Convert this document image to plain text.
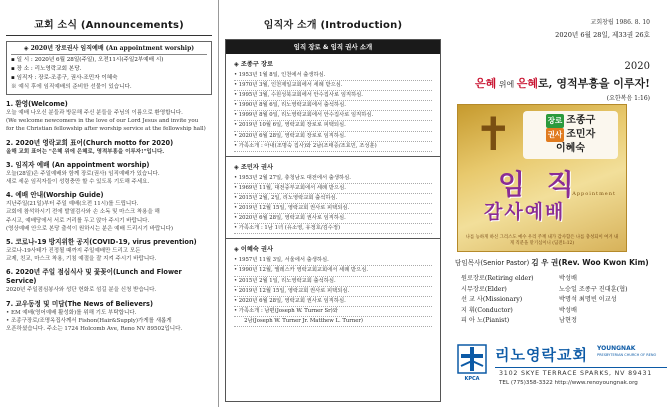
교회 소식 (Announcements)
◈ 2020년 장로권사 임직예배 (An appointment worship)
▪ 일 시 : 2020년 6월 28일(주일), 오전11시(주일2부예배 시)
▪ 장 소 : 리노영락교회 본당.
▪ 임직자 : 장로-조종구, 권사-조민자 이혜숙
※ 예식 후에 임직예배의 준비한 선물이 있습니다.
1. 환영(Welcome)
오늘 예배 나오신 분들과 방문해 주신 분들을 주님의 이름으로 환영합니다.
(We welcome newcomers in the love of our Lord Jesus and invite you
for the Christian fellowship after worship service at the fellowship hall)
2. 2020년 영락교회 표어(Church motto for 2020)
올해 교회 표어는 "은혜 위에 은혜로, 영적부흥을 이루자!"입니다.
3. 임직자 예배 (An appointment worship)
오늘(28일)은 주일예배와 함께 장로(권사) 임직예배가 있습니다.
새로 세운 임직자들이 성령충만 할 수 있도록 기도해 주세요.
4. 예배 안내(Worship Guide)
지난주일(21일)부터 주일 예배(오전 11시)를 드립니다.
교회에 참석하시기 전에 발열검사와 손 소독 및 마스크 착용을 해
주시고, 예배당에서 서로 거리를 두고 앉아 주시기 바랍니다.
(영상예배 안으로 본당 출석이 원하시는 분은 예배 드리시기 바랍니다)
5. 코로나-19 방지위한 공지(COVID-19, virus prevention)
코로나-19사태가 진정될 때까지 주일예배만 드리고 모든
교제, 친교, 마스크 착용, 기침 예절을 잘 지켜 주시기 바랍니다.
6. 2020년 주일 점심식사 및 꽃꽂이(Lunch and Flower Service)
2020년 주일점심봉사와 성단 헌화로 섬길 분을 신청 받습니다.
7. 교우동정 및 미담(The News of Believers)
• EM 예배(영어예배 활성화)를 위해 기도 부탁합니다.
• 조종구장로/조명옥집사께서 Fishon(Hair&Supply)가게를 새롭게
오픈하셨습니다. 주소는 1724 Holcomb Ave, Reno NV 89502입니다.
임직자 소개 (Introduction)
임직 장로 & 임직 권사 소개
◈ 조종구 장로
• 1953년 1월 8일, 인천에서 출생하심.
• 1970년 3월, 인천제일교회에서 세례 받으심.
• 1995년 3월, 수원성북교회에서 안수집사로 임직하심.
• 1990년 8월 6일, 리노영락교회에서 출석하심.
• 1999년 8월 0일, 리노영락교회에서 안수집사로 임직하심.
• 2019년 10월 6일, 영락교회 장로로 피택되심.
• 2020년 6월 28일, 영락교회 장로로 임직하심.
• 가족소개 : 아내(조명숙 집사)와 2남(조태증/조효민, 조성훈)
◈ 조민자 권사
• 1953년 2월 27일, 충청남도 대전에서 출생하심.
• 1969년 11월, 대전중부교회에서 세례 받으심.
• 2015년 2월, 2일, 리노영락교회 출석하심.
• 2019년 12월 15일, 영락교회 권사로 피택되심.
• 2020년 6월 28일, 영락교회 권사로 임직하심.
• 가족소개 : 1남 1녀 (유소영, 유정호/김수정)
◈ 이혜숙 권사
• 1957년 11월 3일, 서울에서 출생하심.
• 1990년 12월, 엘레스카 영락교회교회에서 세례 받으심.
• 2015년 2월 1일, 리노영락교회 출석하심.
• 2019년 12월 15일, 영락교회 권사로 피택되심.
• 2020년 6월 28일, 영락교회 권사로 임직하심.
• 가족소개 : 남편(Joseph W. Turner Sr)와
2남(Joseph W. Turner Jr. Matthew L. Turner)
교회창립 1986. 8. 10
2020년 6월 28일, 제33권 26호
2020
은혜 위에 은혜로, 영적부흥을 이루자!
(요한복음 1:16)
✝	장로 조종구
권사 조민자
이혜숙
Appointment
임 직
감사예배
나를 능하게 하신 그리스도 예수 우리 주께 내가 감사함은 나를 충성되이 여겨 내게 직분을 맡기심이니 (딤전1:12)
담임목사(Senior Pastor) 김 우 권(Rev. Woo Kwon Kim)
원로장로(Retiring elder)	박성배
시무장로(Elder)	노승일 조종구 진대훈(협)
선 교 사(Missionary)	박명석 최명빈 이교성
지 휘(Conductor)	박성배
피 아 노(Pianist)	남현정
KPCA
리노영락교회 YOUNGNAK
PRESBYTERIAN CHURCH OF RENO
3102 SKYE TERRACE SPARKS, NV 89431
TEL (775)358-3322 http://www.renoyoungnak.org
